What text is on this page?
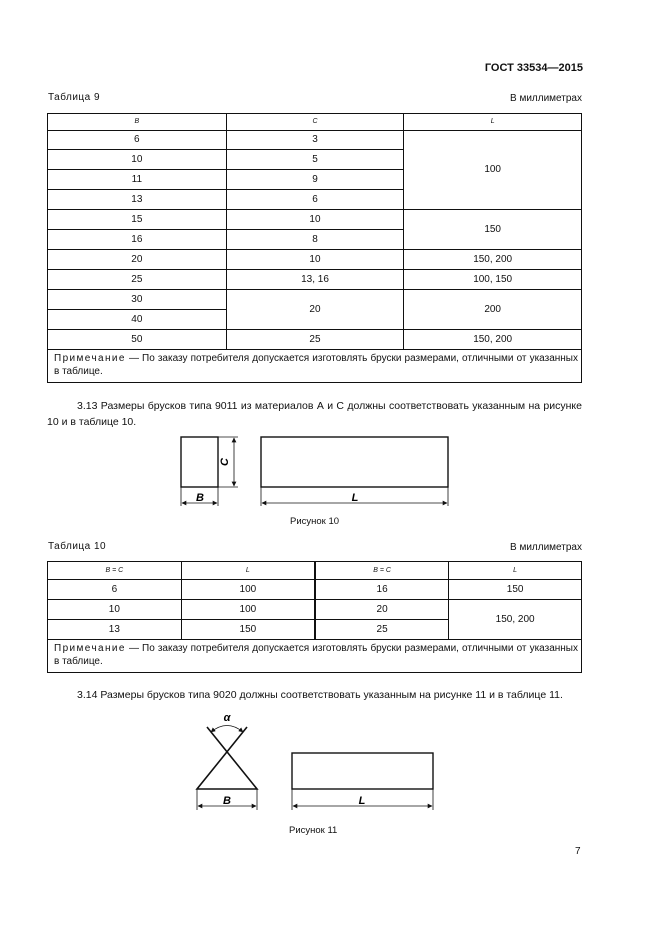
ГОСТ 33534—2015
Таблица 9	В миллиметрах
B	C	L
6	3	100
10	5	
11	9	
13	6	
15	10	150
16	8	
20	10	150, 200
25	13, 16	100, 150
30	20	200
40		
50	25	150, 200
Примечание — По заказу потребителя допускается изготовлять бруски размерами, отличными от указанных в таблице.		
3.13 Размеры брусков типа 9011 из материалов А и С должны соответствовать указанным на рисунке 10 и в таблице 10.
C
B	L
Рисунок 10
Таблица 10	В миллиметрах
B = C	L	B = C	L
6	100	16	150
10	100	20	150, 200
13	150	25	
Примечание — По заказу потребителя допускается изготовлять бруски размерами, отличными от указанных в таблице.			
3.14 Размеры брусков типа 9020 должны соответствовать указанным на рисунке 11 и в таблице 11.
α
B	L
Рисунок 11
7
